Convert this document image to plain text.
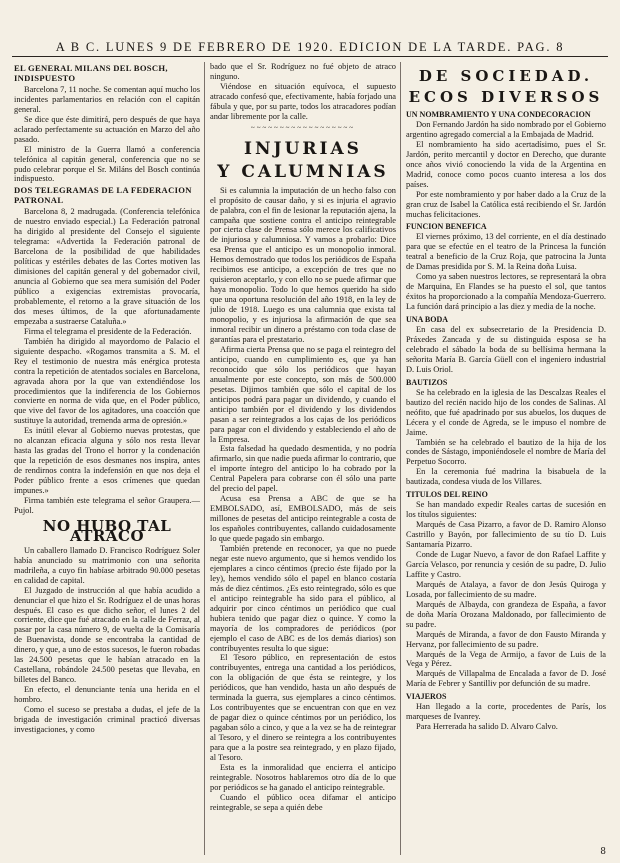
A B C. LUNES 9 DE FEBRERO DE 1920. EDICION DE LA TARDE. PAG. 8
EL GENERAL MILANS DEL BOSCH, INDISPUESTO

Barcelona 7, 11 noche. Se comentan aquí mucho los incidentes parlamentarios en relación con el capitán general.

Se dice que éste dimitirá, pero después de que haya aclarado perfectamente su actuación en Marzo del año pasado.

El ministro de la Guerra llamó a conferencia telefónica al capitán general, conferencia que no se pudo celebrar porque el Sr. Miláns del Bosch continúa indispuesto.

DOS TELEGRAMAS DE LA FEDERACION PATRONAL

Barcelona 8, 2 madrugada. (Conferencia telefónica de nuestro enviado especial.) La Federación patronal ha dirigido al presidente del Consejo el siguiente telegrama: «Advertida la Federación patronal de Barcelona de la posibilidad de que habilidades políticas y estériles debates de las Cortes motiven las dimisiones del capitán general y del gobernador civil, anuncia al Gobierno que sea mera sumisión del Poder público a exigencias extremistas provocaría, probablemente, el retorno a la grave situación de los dos meses últimos, de la que afortunadamente empezaba a sustraerse Cataluña.»

Firma el telegrama el presidente de la Federación.

También ha dirigido al mayordomo de Palacio el siguiente despacho. «Rogamos transmita a S. M. el Rey el testimonio de nuestra más enérgica protesta contra la repetición de atentados sociales en Barcelona, agravada ahora por la que van extendiéndose los procedimientos que la indiferencia de los Gobiernos convierte en norma de vida que, en el Poder público, que vive del favor de los agitadores, una coacción que sustituye la autoridad, tremenda arma de opresión.»

Es inútil elevar al Gobierno nuevas protestas, que no alcanzan eficacia alguna y sólo nos resta llevar hasta las gradas del Trono el horror y la condenación que la repetición de esos desmanes nos inspira, antes de rendirnos contra la indefensión en que nos deja el Poder público frente a esos crímenes que quedan impunes.»

Firma también este telegrama el señor Graupera.—Pujol.

NO HUBO TAL ATRACO

Un caballero llamado D. Francisco Rodríguez Soler había anunciado su matrimonio con una señorita madrileña, a cuyo fin habíase arbitrado 90.000 pesetas en calidad de capital.

El Juzgado de instrucción al que había acudido a denunciar el que hizo el Sr. Rodríguez el de unas horas después. El caso es que dicho señor, el lunes 2 del corriente, dice que fué atracado en la calle de Ferraz, al pasar por la casa número 9, de vuelta de la Comisaría de Buenavista, donde se encontraba la cantidad de dinero, y que, a uno de estos sucesos, le fueron robadas las 24.500 pesetas que le habían atracado en la Castellana, robándole 24.500 pesetas que llevaba, en billetes del Banco.

En efecto, el denunciante tenía una herida en el hombro.

Como el suceso se prestaba a dudas, el jefe de la brigada de investigación criminal practicó diversas investigaciones, y como

bado que el Sr. Rodríguez no fué objeto de atraco ninguno.

Viéndose en situación equívoca, el supuesto atracado confesó que, efectivamente, había forjado una fábula y que, por su parte, todos los atracadores podían andar libremente por la calle.

~~~~~~~~~~~~~~~~~~
INJURIAS
Y CALUMNIAS

Si es calumnia la imputación de un hecho falso con el propósito de causar daño, y si es injuria el agravio de palabra, con el fin de lesionar la reputación ajena, la campaña que sostiene contra el anticipo reintegrable por cierta clase de Prensa sólo merece los calificativos de injuriosa y calumniosa. Y vamos a probarlo: Dice esa Prensa que el anticipo es un monopolio inmoral. Hemos demostrado que todos los periódicos de España recibimos ese anticipo, a excepción de tres que no quisieron aceptarlo, y con ello no se puede afirmar que haya monopolio. Todo lo que hemos querido ha sido que una oportuna resolución del año 1918, en la ley de julio de 1918. Luego es una calumnia que exista tal monopolio, y es injuriosa la afirmación de que sea inmoral recibir un dinero a préstamo con toda clase de garantías para el prestatario.

Afirma cierta Prensa que no se paga el reintegro del anticipo, cuando en cumplimiento es, que ya han reconocido que sólo los periódicos que hayan anualmente por este concepto, son más de 500.000 pesetas. Dijimos también que sólo el capital de los anticipos podrá para pagar un dividendo, y cuando el anticipo también por el dividendo y los dividendos pasan a ser reintegrados a los cajas de los periódicos para pagar con el dividendo y estableciendo el año de la Empresa.

Esta falsedad ha quedado desmentida, y no podría afirmarlo, sin que nadie pueda afirmar lo contrario, que el importe íntegro del anticipo lo ha cobrado por la Central Papelera para cobrarse con él sólo una parte del precio del papel.

Acusa esa Prensa a ABC de que se ha EMBOLSADO, así, EMBOLSADO, más de seis millones de pesetas del anticipo reintegrable a costa de los españoles contribuyentes, callando cuidadosamente lo que quede pagado sin embargo.

También pretende en reconocer, ya que no puede negar este nuevo argumento, que si hemos vendido los ejemplares a cinco céntimos (precio éste fijado por la ley), hemos vendido sólo el papel en blanco costaría más de diez céntimos. ¿Es esto reintegrado, sólo es que el anticipo reintegrable ha sido para el público, al adquirir por cinco céntimos un periódico que cual hubiera tenido que pagar diez o quince. Y como la mayoría de los compradores de periódicos (por ejemplo el caso de ABC es de los demás diarios) son contribuyentes resulta lo que sigue:

El Tesoro público, en representación de estos contribuyentes, entrega una cantidad a los periódicos, con la obligación de que ésta se reintegre, y los periódicos, que han vendido, hasta un año después de terminada la guerra, sus ejemplares a cinco céntimos. Los contribuyentes que se encuentran con que en vez de pagar diez o quince céntimos por un periódico, los pagaban sólo a cinco, y que a la vez se ha de reintegrar al Tesoro, y el dinero se reintegra a los contribuyentes para que a la postre sea reintegrado, y en plazo fijado, al Tesoro.

Esta es la inmoralidad que encierra el anticipo reintegrable. Nosotros hablaremos otro día de lo que por periódicos se ha ganado el anticipo reintegrable.

Cuando el público ocea difamar el anticipo reintegrable, se sepa a quién debe

DE SOCIEDAD.
ECOS DIVERSOS
UN NOMBRAMIENTO Y UNA CONDECORACION

Don Fernando Jardón ha sido nombrado por el Gobierno argentino agregado comercial a la Embajada de Madrid.

El nombramiento ha sido acertadísimo, pues el Sr. Jardón, perito mercantil y doctor en Derecho, que durante once años vivió conociendo la vida de la Argentina en Madrid, conoce como pocos cuanto interesa a los dos países.

Por este nombramiento y por haber dado a la Cruz de la gran cruz de Isabel la Católica está recibiendo el Sr. Jardón muchas felicitaciones.

FUNCION BENEFICA

El viernes próximo, 13 del corriente, en el día destinado para que se efectúe en el teatro de la Princesa la función teatral a beneficio de la Cruz Roja, que patrocina la Junta de Damas presidida por S. M. la Reina doña Luisa.

Como ya saben nuestros lectores, se representará la obra de Marquina, En Flandes se ha puesto el sol, que tantos éxitos ha proporcionado a la compañía Mendoza-Guerrero. La función dará principio a las diez y media de la noche.

UNA BODA

En casa del ex subsecretario de la Presidencia D. Práxedes Zancada y de su distinguida esposa se ha celebrado el sábado la boda de su bellísima hermana la señorita María B. García Güell con el ingeniero industrial D. Luis Oriol.

BAUTIZOS

Se ha celebrado en la iglesia de las Descalzas Reales el bautizo del recién nacido hijo de los condes de Salinas. Al neófito, que fué apadrinado por sus abuelos, los duques de Lécera y el conde de Agreda, se le impuso el nombre de Jaime.

También se ha celebrado el bautizo de la hija de los condes de Sástago, imponiéndosele el nombre de María del Perpetuo Socorro.

En la ceremonia fué madrina la bisabuela de la bautizada, condesa viuda de los Villares.

TITULOS DEL REINO

Se han mandado expedir Reales cartas de sucesión en los títulos siguientes:

Marqués de Casa Pizarro, a favor de D. Ramiro Alonso Castrillo y Bayón, por fallecimiento de su tío D. Luis Santamaría Pizarro.

Conde de Lugar Nuevo, a favor de don Rafael Laffite y García Velasco, por renuncia y cesión de su padre, D. Julio Laffite y Castro.

Marqués de Atalaya, a favor de don Jesús Quiroga y Losada, por fallecimiento de su madre.

Marqués de Albayda, con grandeza de España, a favor de doña María Orozana Maldonado, por fallecimiento de su padre.

Marqués de Miranda, a favor de don Fausto Miranda y Hervanz, por fallecimiento de su padre.

Marqués de la Vega de Armijo, a favor de Luis de la Vega y Pérez.

Marqués de Villapalma de Encalada a favor de D. José María de Febrer y Santilliv por defunción de su madre.

VIAJEROS

Han llegado a la corte, procedentes de París, los marqueses de Ivanrey.

Para Herrerada ha salido D. Alvaro Calvo.

8
